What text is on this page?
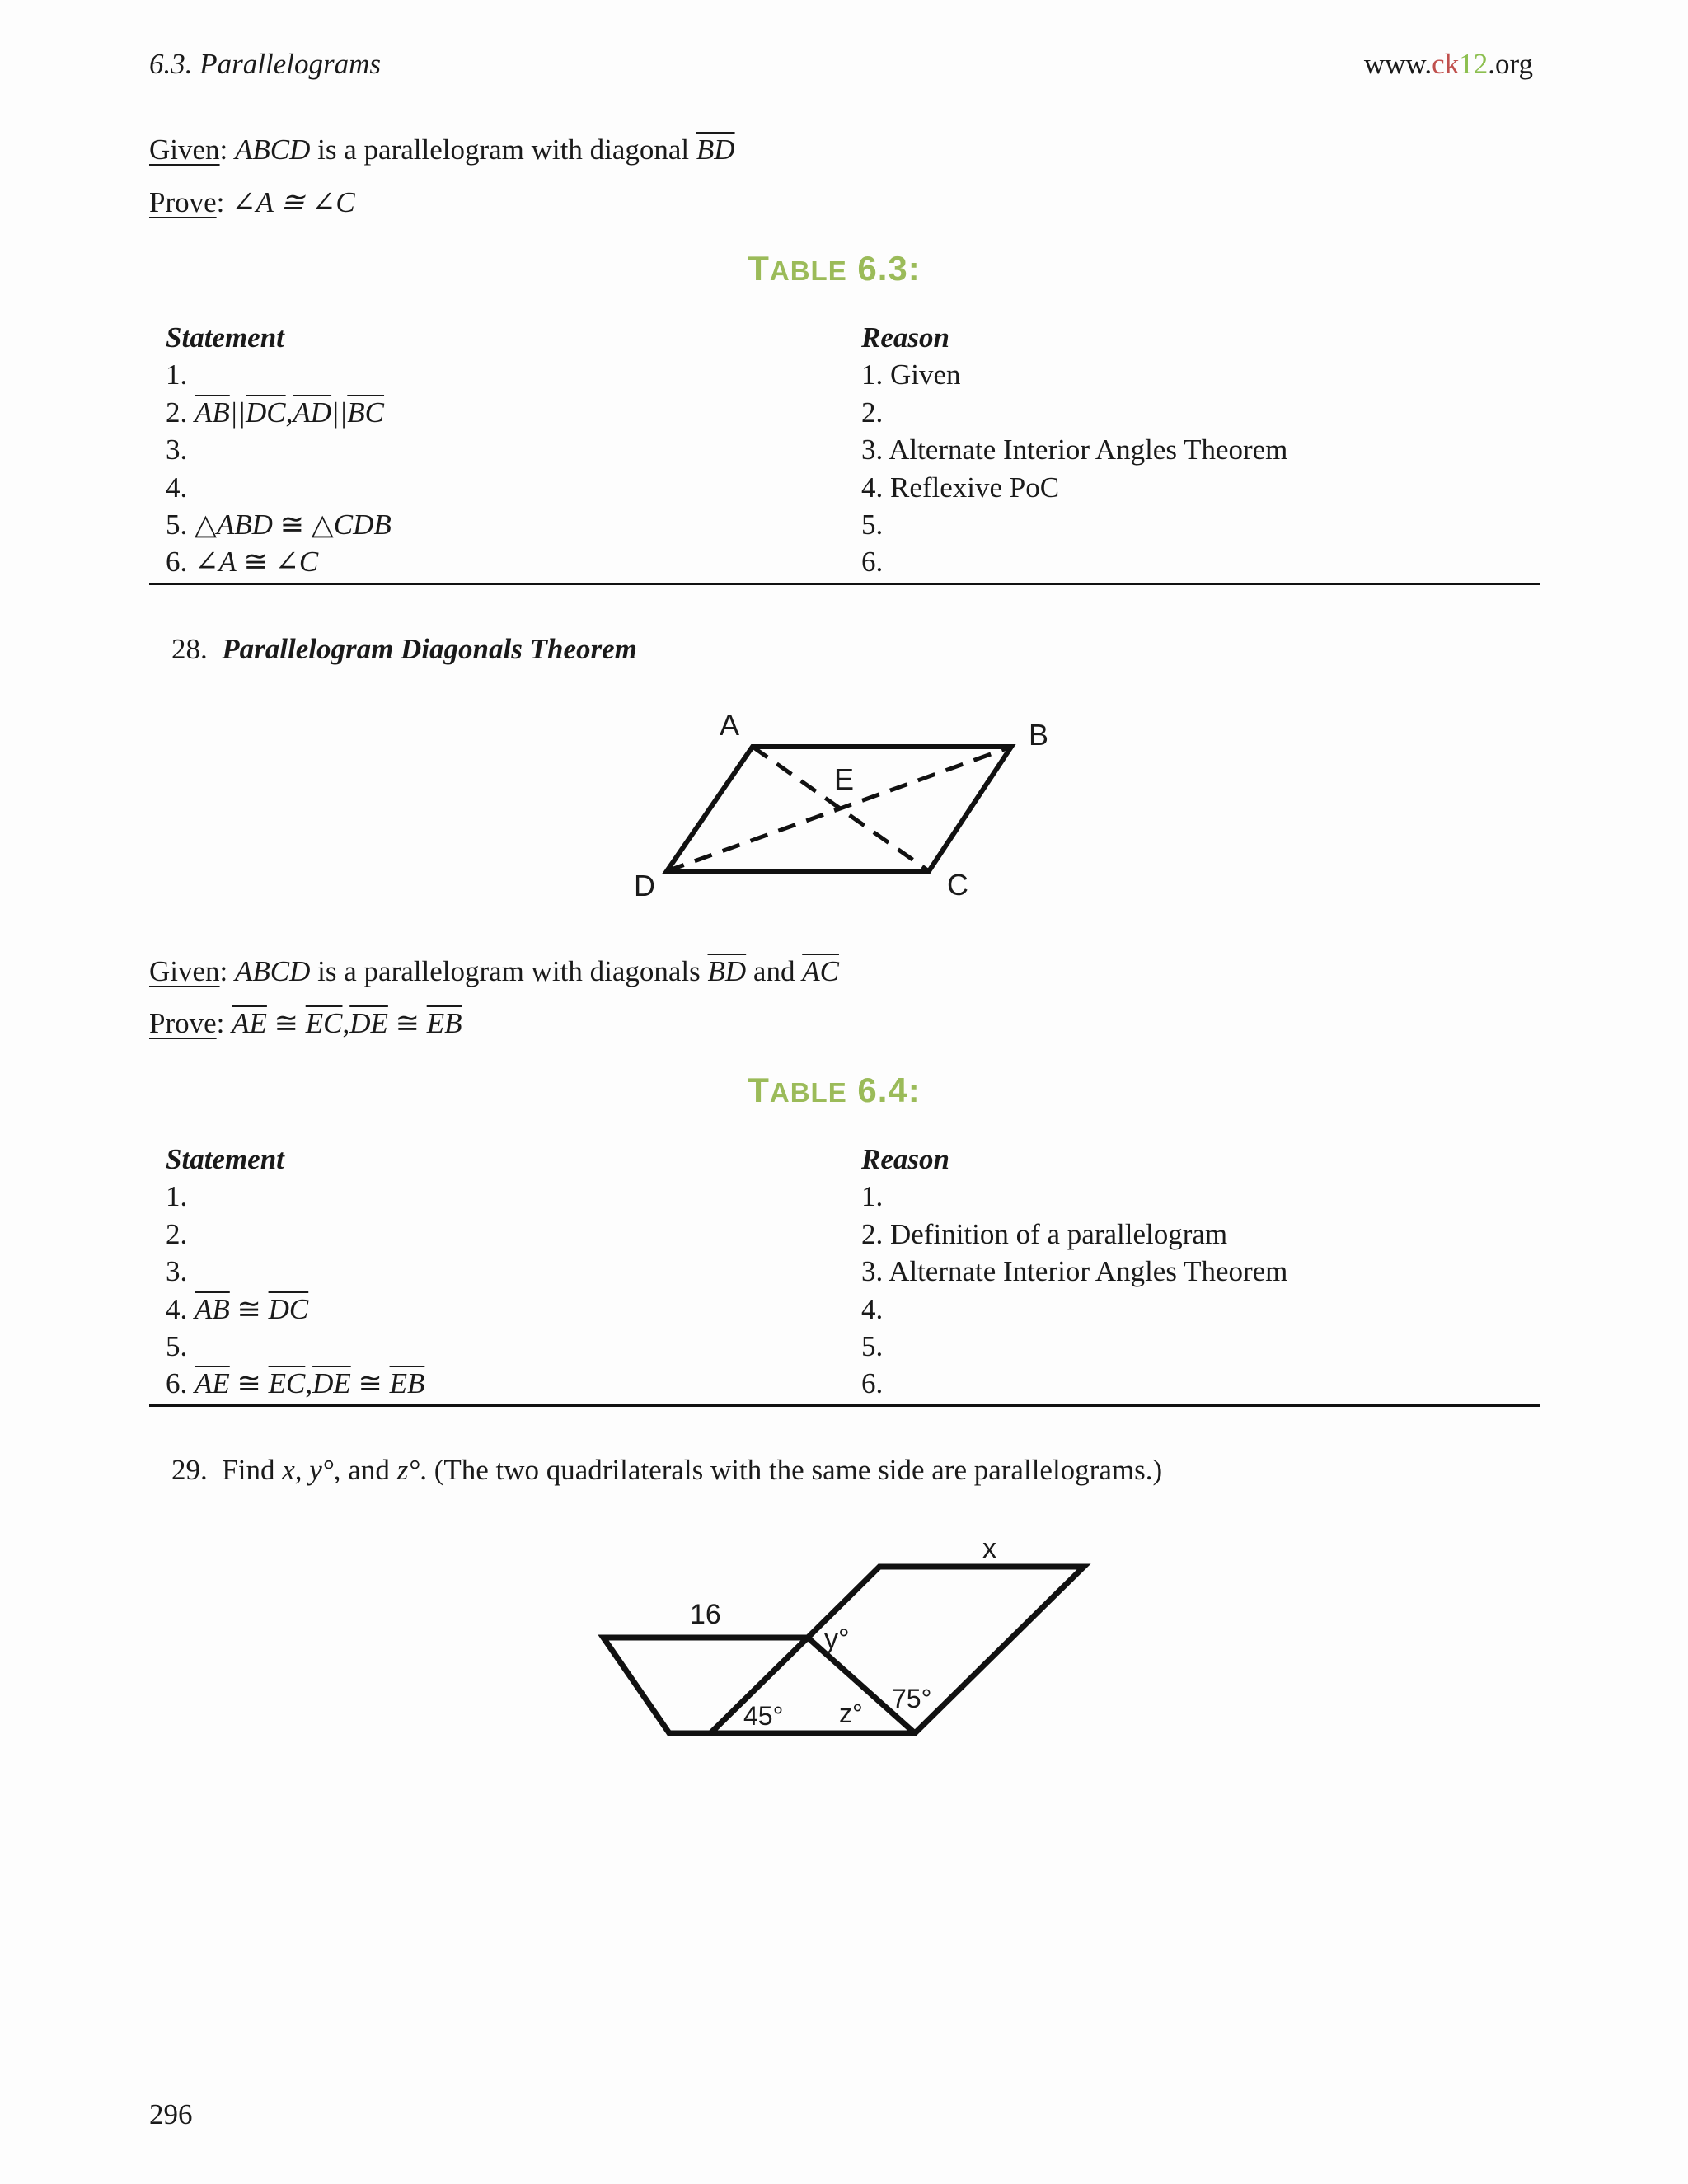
6.3. Parallelograms	www.ck12.org
Given: ABCD is a parallelogram with diagonal $\overline{BD}$
Prove: ∠A ≅ ∠C
TABLE 6.3:
Statement
1.
2. $\overline{AB}||\overline{DC},\overline{AD}||\overline{BC}$
3.
4.
5. △ABD ≅ △CDB
6. ∠A ≅ ∠C
Reason
1. Given
2.
3. Alternate Interior Angles Theorem
4. Reflexive PoC
5.
6.
28. Parallelogram Diagonals Theorem
A	B
C
D
E
Given: ABCD is a parallelogram with diagonals $\overline{BD}$ and $\overline{AC}$
Prove: $\overline{AE}$ ≅ $\overline{EC},\overline{DE}$ ≅ $\overline{EB}$
TABLE 6.4:
Statement
1.
2.
3.
4. $\overline{AB}$ ≅ $\overline{DC}$
5.
6. $\overline{AE}$ ≅ $\overline{EC},\overline{DE}$ ≅ $\overline{EB}$
Reason
1.
2. Definition of a parallelogram
3. Alternate Interior Angles Theorem
4.
5.
6.
29. Find x, y°, and z°. (The two quadrilaterals with the same side are parallelograms.)
x
16
y°
45° z° 75°
296
